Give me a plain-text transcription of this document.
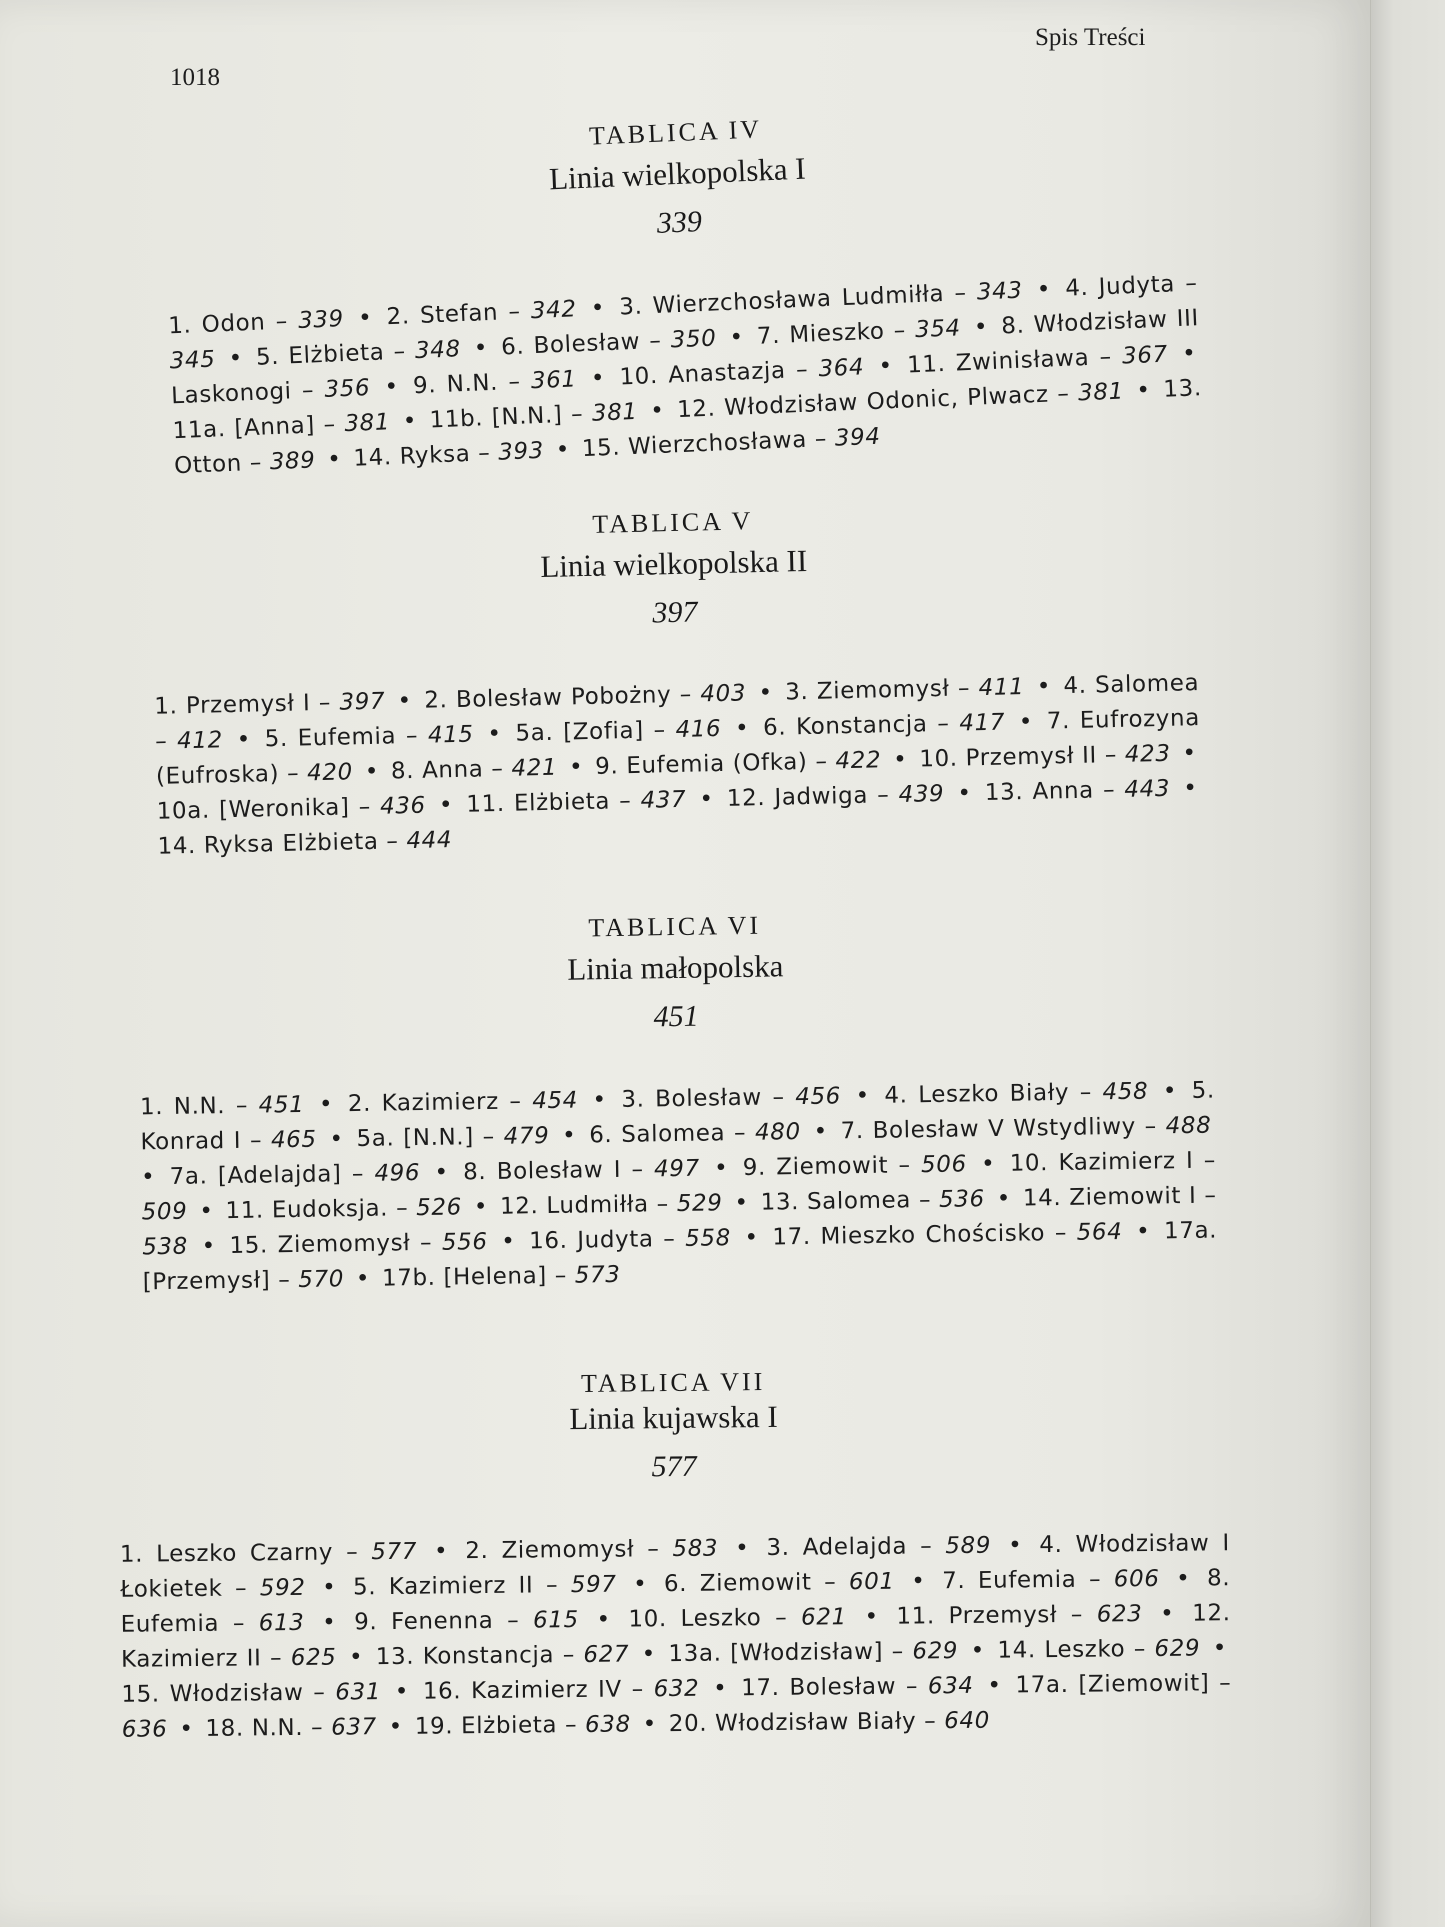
1018
Spis Treści
TABLICA IV
Linia wielkopolska I
339
1. Odon – 339 • 2. Stefan – 342 • 3. Wierzchosława Ludmiłła – 343 • 4. Judyta – 345 • 5. Elżbieta – 348 • 6. Bolesław – 350 • 7. Mieszko – 354 • 8. Włodzisław III Laskonogi – 356 • 9. N.N. – 361 • 10. Anastazja – 364 • 11. Zwinisława – 367 • 11a. [Anna] – 381 • 11b. [N.N.] – 381 • 12. Włodzisław Odonic, Plwacz – 381 • 13. Otton – 389 • 14. Ryksa – 393 • 15. Wierzchosława – 394
TABLICA V
Linia wielkopolska II
397
1. Przemysł I – 397 • 2. Bolesław Pobożny – 403 • 3. Ziemomysł – 411 • 4. Salomea – 412 • 5. Eufemia – 415 • 5a. [Zofia] – 416 • 6. Konstancja – 417 • 7. Eufrozyna (Eufroska) – 420 • 8. Anna – 421 • 9. Eufemia (Ofka) – 422 • 10. Przemysł II – 423 • 10a. [Weronika] – 436 • 11. Elżbieta – 437 • 12. Jadwiga – 439 • 13. Anna – 443 • 14. Ryksa Elżbieta – 444
TABLICA VI
Linia małopolska
451
1. N.N. – 451 • 2. Kazimierz – 454 • 3. Bolesław – 456 • 4. Leszko Biały – 458 • 5. Konrad I – 465 • 5a. [N.N.] – 479 • 6. Salomea – 480 • 7. Bolesław V Wstydliwy – 488 • 7a. [Adelajda] – 496 • 8. Bolesław I – 497 • 9. Ziemowit – 506 • 10. Kazimierz I – 509 • 11. Eudoksja. – 526 • 12. Ludmiłła – 529 • 13. Salomea – 536 • 14. Ziemowit I – 538 • 15. Ziemomysł – 556 • 16. Judyta – 558 • 17. Mieszko Chościsko – 564 • 17a. [Przemysł] – 570 • 17b. [Helena] – 573
TABLICA VII
Linia kujawska I
577
1. Leszko Czarny – 577 • 2. Ziemomysł – 583 • 3. Adelajda – 589 • 4. Włodzisław I Łokietek – 592 • 5. Kazimierz II – 597 • 6. Ziemowit – 601 • 7. Eufemia – 606 • 8. Eufemia – 613 • 9. Fenenna – 615 • 10. Leszko – 621 • 11. Przemysł – 623 • 12. Kazimierz II – 625 • 13. Konstancja – 627 • 13a. [Włodzisław] – 629 • 14. Leszko – 629 • 15. Włodzisław – 631 • 16. Kazimierz IV – 632 • 17. Bolesław – 634 • 17a. [Ziemowit] – 636 • 18. N.N. – 637 • 19. Elżbieta – 638 • 20. Włodzisław Biały – 640
